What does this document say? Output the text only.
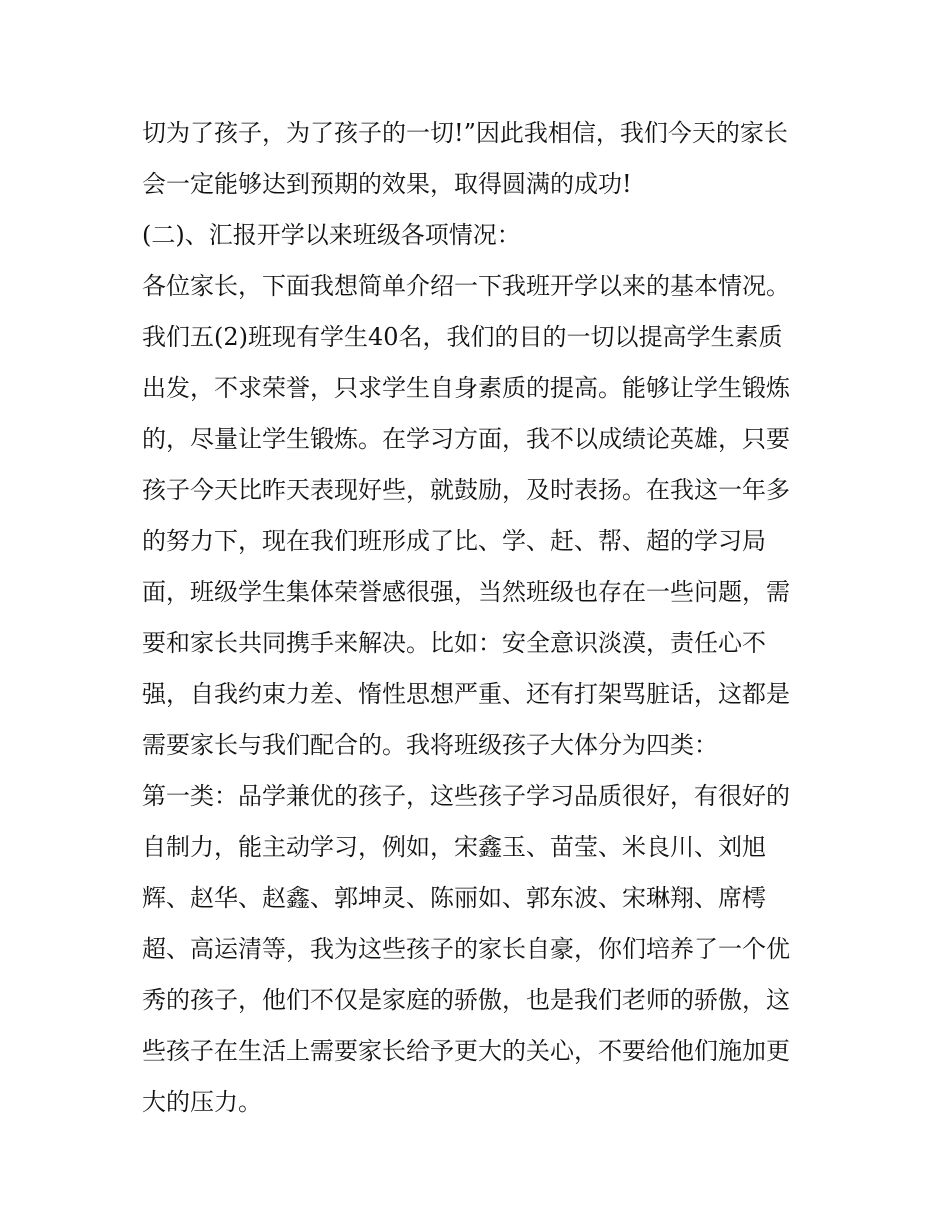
切为了孩子，为了孩子的一切!”因此我相信，我们今天的家长
会一定能够达到预期的效果，取得圆满的成功!
(二)、汇报开学以来班级各项情况：
各位家长，下面我想简单介绍一下我班开学以来的基本情况。
我们五(2)班现有学生40名，我们的目的一切以提高学生素质
出发，不求荣誉，只求学生自身素质的提高。能够让学生锻炼
的，尽量让学生锻炼。在学习方面，我不以成绩论英雄，只要
孩子今天比昨天表现好些，就鼓励，及时表扬。在我这一年多
的努力下，现在我们班形成了比、学、赶、帮、超的学习局
面，班级学生集体荣誉感很强，当然班级也存在一些问题，需
要和家长共同携手来解决。比如：安全意识淡漠，责任心不
强，自我约束力差、惰性思想严重、还有打架骂脏话，这都是
需要家长与我们配合的。我将班级孩子大体分为四类：
第一类：品学兼优的孩子，这些孩子学习品质很好，有很好的
自制力，能主动学习，例如，宋鑫玉、苗莹、米良川、刘旭
辉、赵华、赵鑫、郭坤灵、陈丽如、郭东波、宋琳翔、席樗
超、高运清等，我为这些孩子的家长自豪，你们培养了一个优
秀的孩子，他们不仅是家庭的骄傲，也是我们老师的骄傲，这
些孩子在生活上需要家长给予更大的关心，不要给他们施加更
大的压力。
